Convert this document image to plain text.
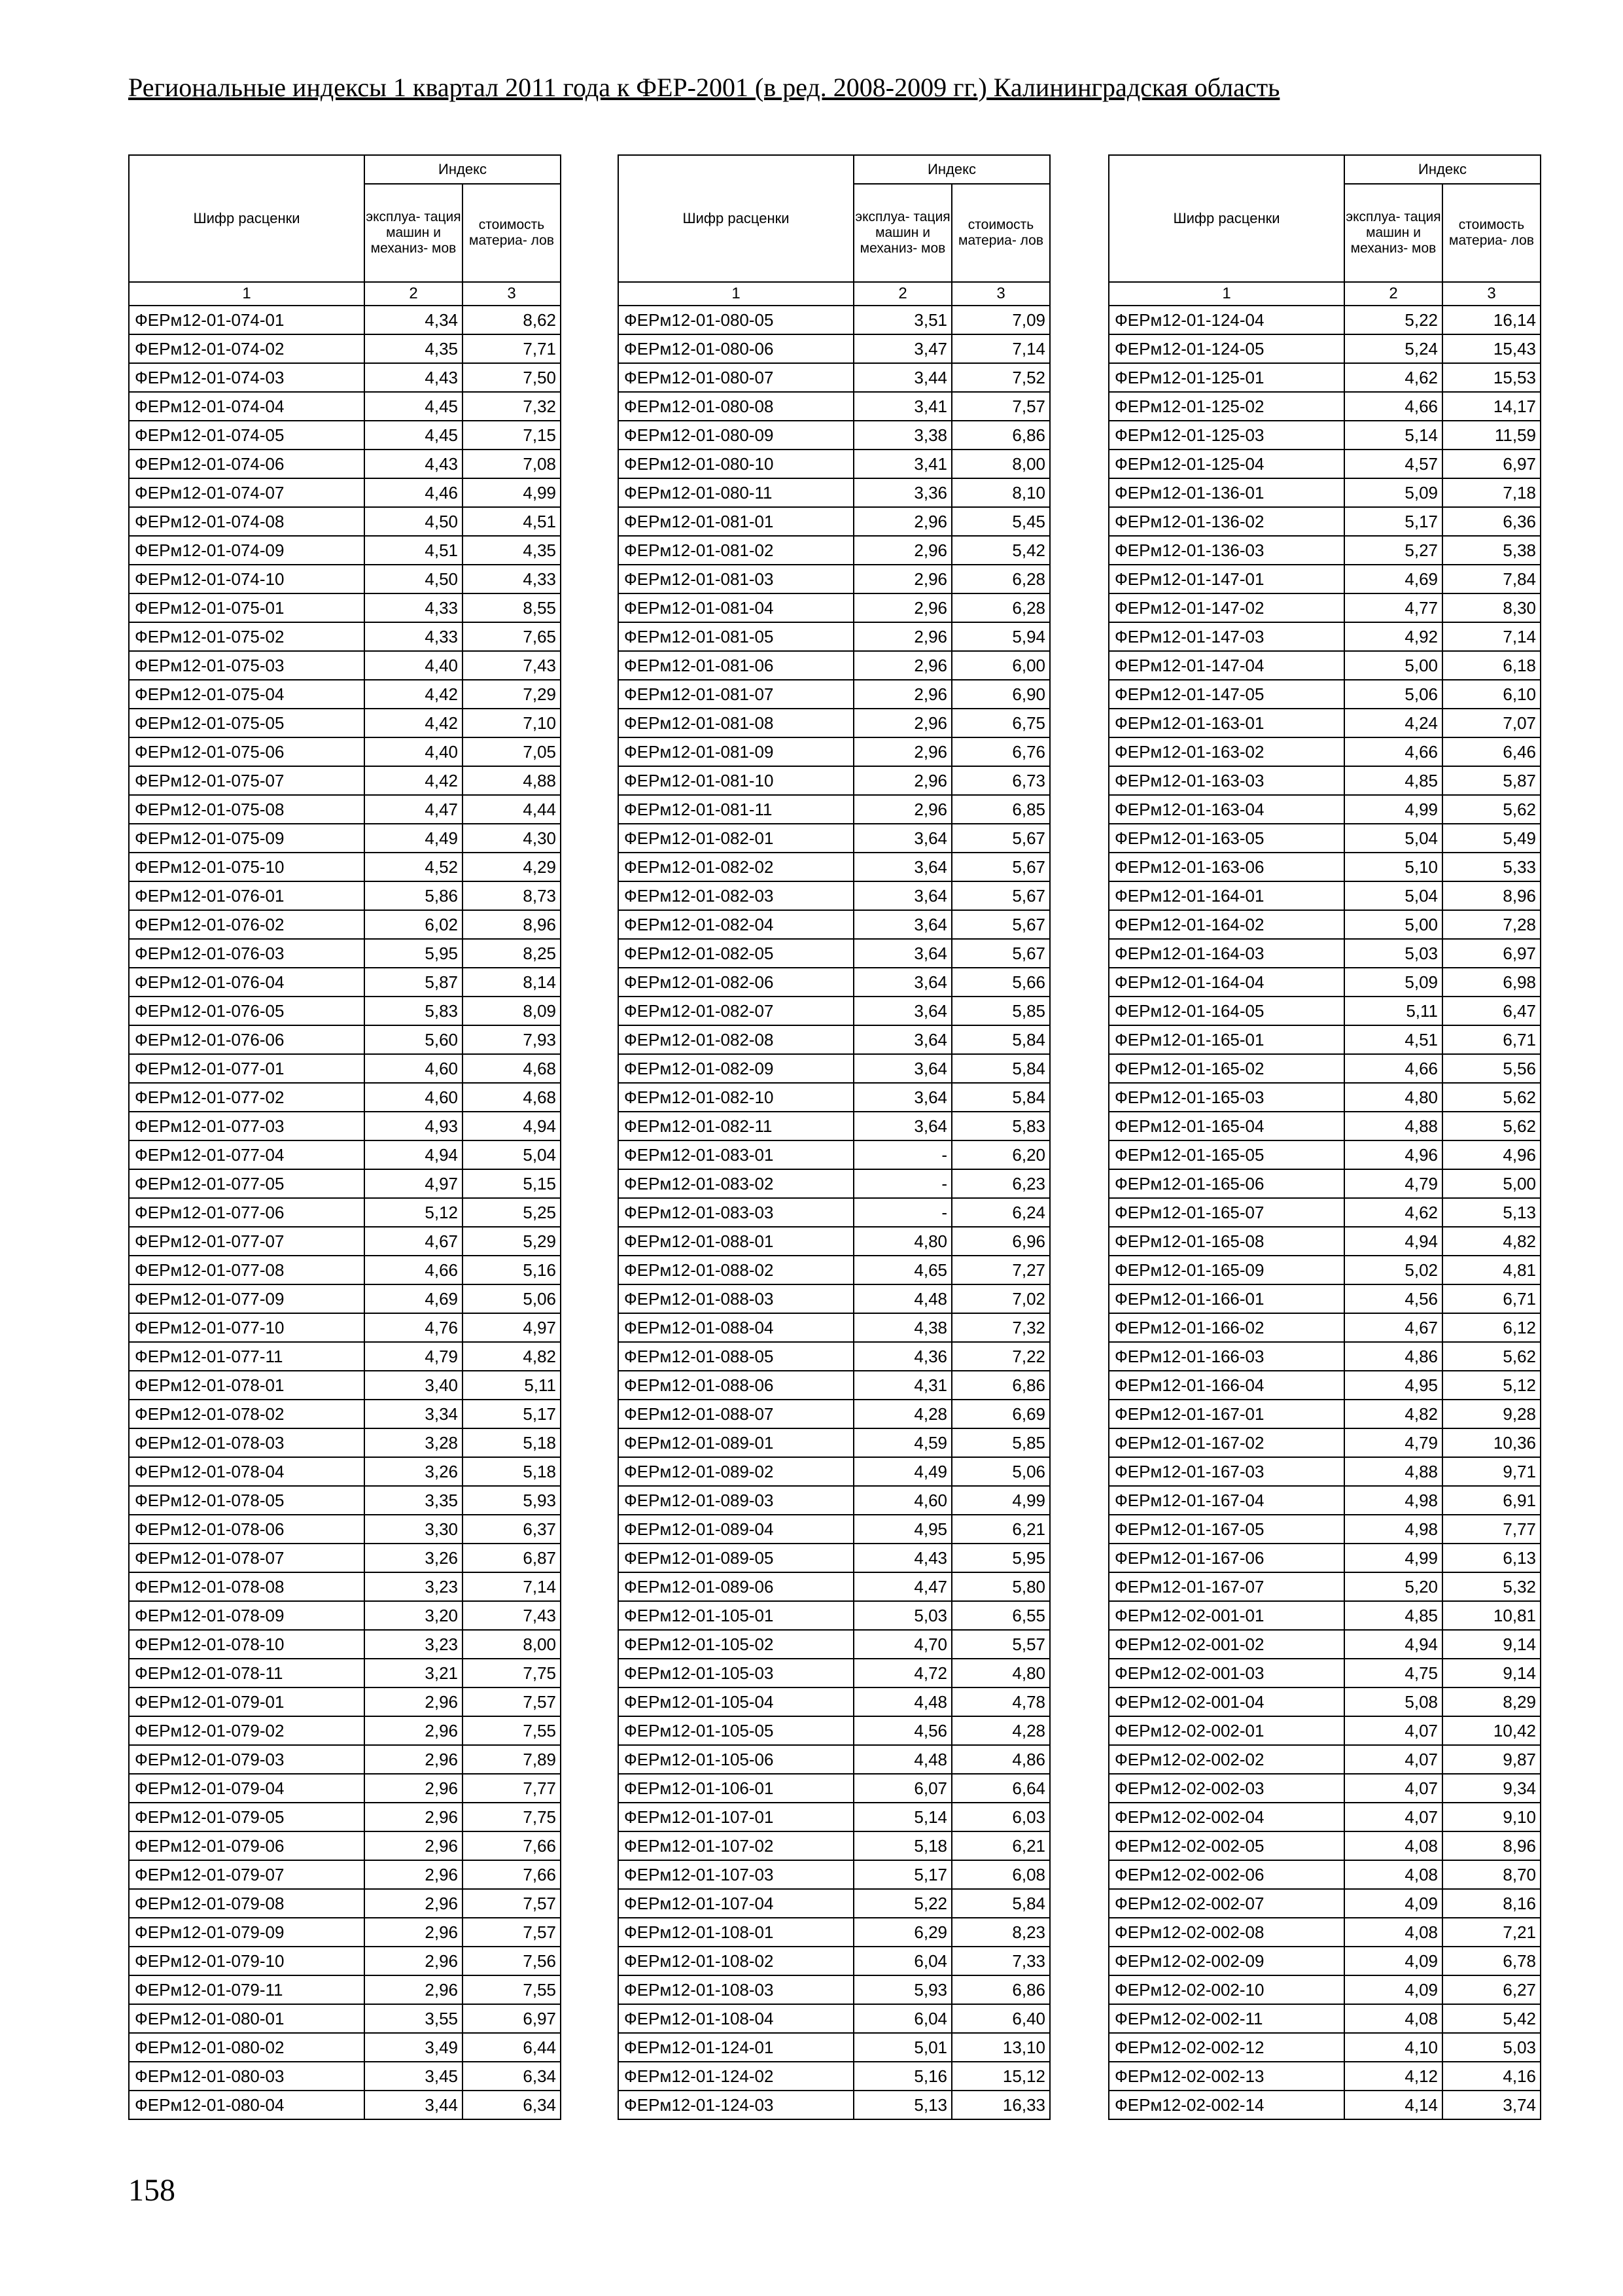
Региональные индексы 1 квартал 2011 года к ФЕР-2001 (в ред. 2008-2009 гг.) Калининградская область
Шифр расценки	Индекс	
	эксплуа- тация машин и механиз- мов	стоимость материа- лов
1	2	3
ФЕРм12-01-074-01	4,34	8,62
ФЕРм12-01-074-02	4,35	7,71
ФЕРм12-01-074-03	4,43	7,50
ФЕРм12-01-074-04	4,45	7,32
ФЕРм12-01-074-05	4,45	7,15
ФЕРм12-01-074-06	4,43	7,08
ФЕРм12-01-074-07	4,46	4,99
ФЕРм12-01-074-08	4,50	4,51
ФЕРм12-01-074-09	4,51	4,35
ФЕРм12-01-074-10	4,50	4,33
ФЕРм12-01-075-01	4,33	8,55
ФЕРм12-01-075-02	4,33	7,65
ФЕРм12-01-075-03	4,40	7,43
ФЕРм12-01-075-04	4,42	7,29
ФЕРм12-01-075-05	4,42	7,10
ФЕРм12-01-075-06	4,40	7,05
ФЕРм12-01-075-07	4,42	4,88
ФЕРм12-01-075-08	4,47	4,44
ФЕРм12-01-075-09	4,49	4,30
ФЕРм12-01-075-10	4,52	4,29
ФЕРм12-01-076-01	5,86	8,73
ФЕРм12-01-076-02	6,02	8,96
ФЕРм12-01-076-03	5,95	8,25
ФЕРм12-01-076-04	5,87	8,14
ФЕРм12-01-076-05	5,83	8,09
ФЕРм12-01-076-06	5,60	7,93
ФЕРм12-01-077-01	4,60	4,68
ФЕРм12-01-077-02	4,60	4,68
ФЕРм12-01-077-03	4,93	4,94
ФЕРм12-01-077-04	4,94	5,04
ФЕРм12-01-077-05	4,97	5,15
ФЕРм12-01-077-06	5,12	5,25
ФЕРм12-01-077-07	4,67	5,29
ФЕРм12-01-077-08	4,66	5,16
ФЕРм12-01-077-09	4,69	5,06
ФЕРм12-01-077-10	4,76	4,97
ФЕРм12-01-077-11	4,79	4,82
ФЕРм12-01-078-01	3,40	5,11
ФЕРм12-01-078-02	3,34	5,17
ФЕРм12-01-078-03	3,28	5,18
ФЕРм12-01-078-04	3,26	5,18
ФЕРм12-01-078-05	3,35	5,93
ФЕРм12-01-078-06	3,30	6,37
ФЕРм12-01-078-07	3,26	6,87
ФЕРм12-01-078-08	3,23	7,14
ФЕРм12-01-078-09	3,20	7,43
ФЕРм12-01-078-10	3,23	8,00
ФЕРм12-01-078-11	3,21	7,75
ФЕРм12-01-079-01	2,96	7,57
ФЕРм12-01-079-02	2,96	7,55
ФЕРм12-01-079-03	2,96	7,89
ФЕРм12-01-079-04	2,96	7,77
ФЕРм12-01-079-05	2,96	7,75
ФЕРм12-01-079-06	2,96	7,66
ФЕРм12-01-079-07	2,96	7,66
ФЕРм12-01-079-08	2,96	7,57
ФЕРм12-01-079-09	2,96	7,57
ФЕРм12-01-079-10	2,96	7,56
ФЕРм12-01-079-11	2,96	7,55
ФЕРм12-01-080-01	3,55	6,97
ФЕРм12-01-080-02	3,49	6,44
ФЕРм12-01-080-03	3,45	6,34
ФЕРм12-01-080-04	3,44	6,34
Шифр расценки	Индекс	
	эксплуа- тация машин и механиз- мов	стоимость материа- лов
1	2	3
ФЕРм12-01-080-05	3,51	7,09
ФЕРм12-01-080-06	3,47	7,14
ФЕРм12-01-080-07	3,44	7,52
ФЕРм12-01-080-08	3,41	7,57
ФЕРм12-01-080-09	3,38	6,86
ФЕРм12-01-080-10	3,41	8,00
ФЕРм12-01-080-11	3,36	8,10
ФЕРм12-01-081-01	2,96	5,45
ФЕРм12-01-081-02	2,96	5,42
ФЕРм12-01-081-03	2,96	6,28
ФЕРм12-01-081-04	2,96	6,28
ФЕРм12-01-081-05	2,96	5,94
ФЕРм12-01-081-06	2,96	6,00
ФЕРм12-01-081-07	2,96	6,90
ФЕРм12-01-081-08	2,96	6,75
ФЕРм12-01-081-09	2,96	6,76
ФЕРм12-01-081-10	2,96	6,73
ФЕРм12-01-081-11	2,96	6,85
ФЕРм12-01-082-01	3,64	5,67
ФЕРм12-01-082-02	3,64	5,67
ФЕРм12-01-082-03	3,64	5,67
ФЕРм12-01-082-04	3,64	5,67
ФЕРм12-01-082-05	3,64	5,67
ФЕРм12-01-082-06	3,64	5,66
ФЕРм12-01-082-07	3,64	5,85
ФЕРм12-01-082-08	3,64	5,84
ФЕРм12-01-082-09	3,64	5,84
ФЕРм12-01-082-10	3,64	5,84
ФЕРм12-01-082-11	3,64	5,83
ФЕРм12-01-083-01	-	6,20
ФЕРм12-01-083-02	-	6,23
ФЕРм12-01-083-03	-	6,24
ФЕРм12-01-088-01	4,80	6,96
ФЕРм12-01-088-02	4,65	7,27
ФЕРм12-01-088-03	4,48	7,02
ФЕРм12-01-088-04	4,38	7,32
ФЕРм12-01-088-05	4,36	7,22
ФЕРм12-01-088-06	4,31	6,86
ФЕРм12-01-088-07	4,28	6,69
ФЕРм12-01-089-01	4,59	5,85
ФЕРм12-01-089-02	4,49	5,06
ФЕРм12-01-089-03	4,60	4,99
ФЕРм12-01-089-04	4,95	6,21
ФЕРм12-01-089-05	4,43	5,95
ФЕРм12-01-089-06	4,47	5,80
ФЕРм12-01-105-01	5,03	6,55
ФЕРм12-01-105-02	4,70	5,57
ФЕРм12-01-105-03	4,72	4,80
ФЕРм12-01-105-04	4,48	4,78
ФЕРм12-01-105-05	4,56	4,28
ФЕРм12-01-105-06	4,48	4,86
ФЕРм12-01-106-01	6,07	6,64
ФЕРм12-01-107-01	5,14	6,03
ФЕРм12-01-107-02	5,18	6,21
ФЕРм12-01-107-03	5,17	6,08
ФЕРм12-01-107-04	5,22	5,84
ФЕРм12-01-108-01	6,29	8,23
ФЕРм12-01-108-02	6,04	7,33
ФЕРм12-01-108-03	5,93	6,86
ФЕРм12-01-108-04	6,04	6,40
ФЕРм12-01-124-01	5,01	13,10
ФЕРм12-01-124-02	5,16	15,12
ФЕРм12-01-124-03	5,13	16,33
Шифр расценки	Индекс	
	эксплуа- тация машин и механиз- мов	стоимость материа- лов
1	2	3
ФЕРм12-01-124-04	5,22	16,14
ФЕРм12-01-124-05	5,24	15,43
ФЕРм12-01-125-01	4,62	15,53
ФЕРм12-01-125-02	4,66	14,17
ФЕРм12-01-125-03	5,14	11,59
ФЕРм12-01-125-04	4,57	6,97
ФЕРм12-01-136-01	5,09	7,18
ФЕРм12-01-136-02	5,17	6,36
ФЕРм12-01-136-03	5,27	5,38
ФЕРм12-01-147-01	4,69	7,84
ФЕРм12-01-147-02	4,77	8,30
ФЕРм12-01-147-03	4,92	7,14
ФЕРм12-01-147-04	5,00	6,18
ФЕРм12-01-147-05	5,06	6,10
ФЕРм12-01-163-01	4,24	7,07
ФЕРм12-01-163-02	4,66	6,46
ФЕРм12-01-163-03	4,85	5,87
ФЕРм12-01-163-04	4,99	5,62
ФЕРм12-01-163-05	5,04	5,49
ФЕРм12-01-163-06	5,10	5,33
ФЕРм12-01-164-01	5,04	8,96
ФЕРм12-01-164-02	5,00	7,28
ФЕРм12-01-164-03	5,03	6,97
ФЕРм12-01-164-04	5,09	6,98
ФЕРм12-01-164-05	5,11	6,47
ФЕРм12-01-165-01	4,51	6,71
ФЕРм12-01-165-02	4,66	5,56
ФЕРм12-01-165-03	4,80	5,62
ФЕРм12-01-165-04	4,88	5,62
ФЕРм12-01-165-05	4,96	4,96
ФЕРм12-01-165-06	4,79	5,00
ФЕРм12-01-165-07	4,62	5,13
ФЕРм12-01-165-08	4,94	4,82
ФЕРм12-01-165-09	5,02	4,81
ФЕРм12-01-166-01	4,56	6,71
ФЕРм12-01-166-02	4,67	6,12
ФЕРм12-01-166-03	4,86	5,62
ФЕРм12-01-166-04	4,95	5,12
ФЕРм12-01-167-01	4,82	9,28
ФЕРм12-01-167-02	4,79	10,36
ФЕРм12-01-167-03	4,88	9,71
ФЕРм12-01-167-04	4,98	6,91
ФЕРм12-01-167-05	4,98	7,77
ФЕРм12-01-167-06	4,99	6,13
ФЕРм12-01-167-07	5,20	5,32
ФЕРм12-02-001-01	4,85	10,81
ФЕРм12-02-001-02	4,94	9,14
ФЕРм12-02-001-03	4,75	9,14
ФЕРм12-02-001-04	5,08	8,29
ФЕРм12-02-002-01	4,07	10,42
ФЕРм12-02-002-02	4,07	9,87
ФЕРм12-02-002-03	4,07	9,34
ФЕРм12-02-002-04	4,07	9,10
ФЕРм12-02-002-05	4,08	8,96
ФЕРм12-02-002-06	4,08	8,70
ФЕРм12-02-002-07	4,09	8,16
ФЕРм12-02-002-08	4,08	7,21
ФЕРм12-02-002-09	4,09	6,78
ФЕРм12-02-002-10	4,09	6,27
ФЕРм12-02-002-11	4,08	5,42
ФЕРм12-02-002-12	4,10	5,03
ФЕРм12-02-002-13	4,12	4,16
ФЕРм12-02-002-14	4,14	3,74
158
